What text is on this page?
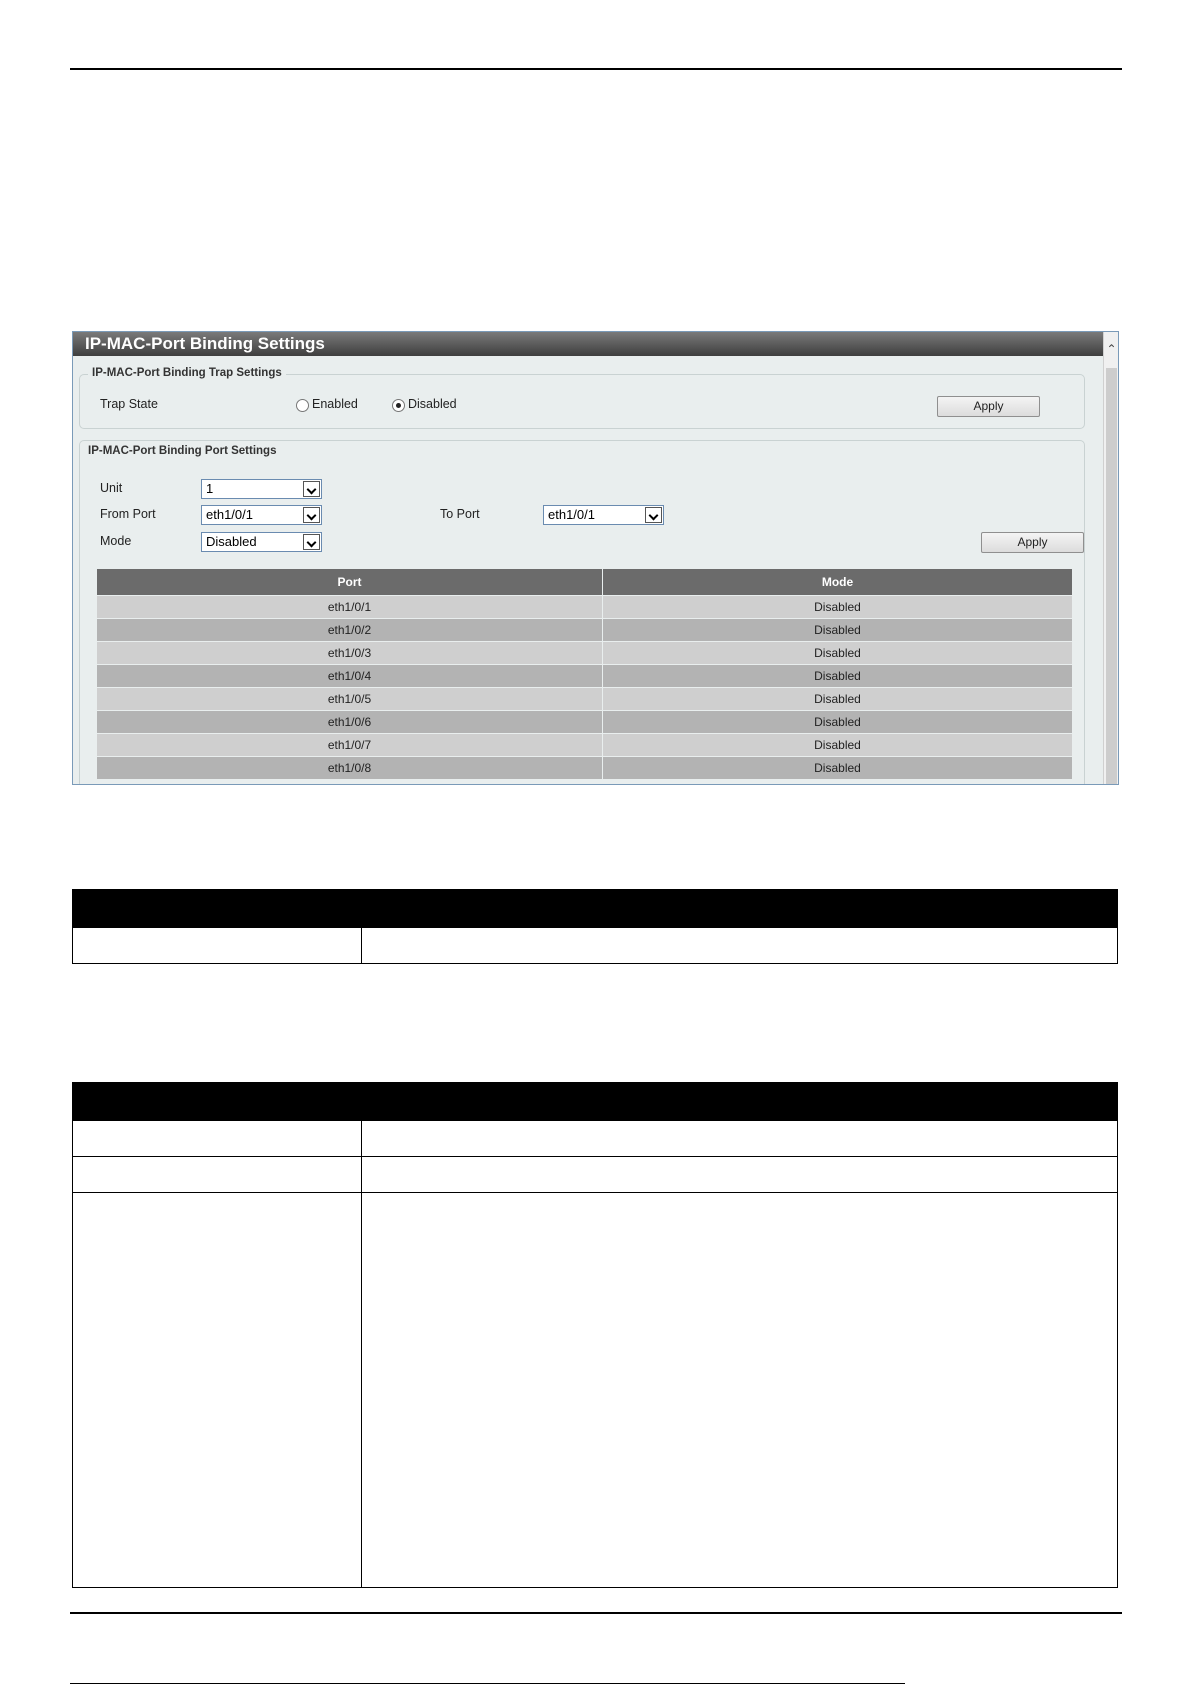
IP-MAC-Port Binding Settings	⌃
IP-MAC-Port Binding Trap Settings
Trap State	Enabled	Disabled	Apply
IP-MAC-Port Binding Port Settings
Unit	1
From Port	eth1/0/1	To Port	eth1/0/1
Mode	Disabled	Apply
Port	Mode
eth1/0/1	Disabled
eth1/0/2	Disabled
eth1/0/3	Disabled
eth1/0/4	Disabled
eth1/0/5	Disabled
eth1/0/6	Disabled
eth1/0/7	Disabled
eth1/0/8	Disabled
